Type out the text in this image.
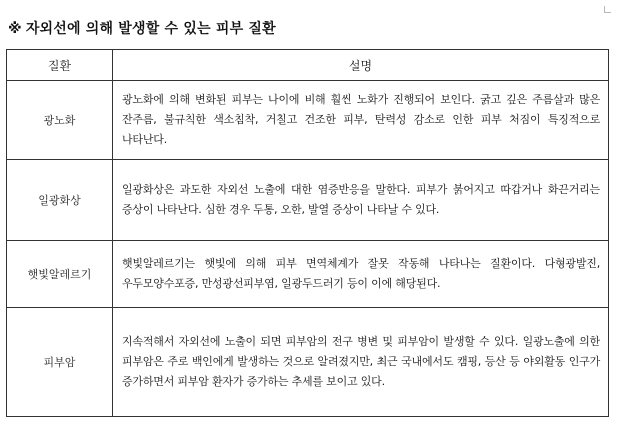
※ 자외선에 의해 발생할 수 있는 피부 질환
질환	설명
광노화	광노화에 의해 변화된 피부는 나이에 비해 훨씬 노화가 진행되어 보인다. 굵고 깊은 주름살과 많은 잔주름, 불규칙한 색소침착, 거칠고 건조한 피부, 탄력성 감소로 인한 피부 처짐이 특징적으로 나타난다.
일광화상	일광화상은 과도한 자외선 노출에 대한 염증반응을 말한다. 피부가 붉어지고 따갑거나 화끈거리는 증상이 나타난다. 심한 경우 두통, 오한, 발열 증상이 나타날 수 있다.
햇빛알레르기	햇빛알레르기는 햇빛에 의해 피부 면역체계가 잘못 작동해 나타나는 질환이다. 다형광발진, 우두모양수포증, 만성광선피부염, 일광두드러기 등이 이에 해당된다.
피부암	지속적해서 자외선에 노출이 되면 피부암의 전구 병변 및 피부암이 발생할 수 있다. 일광노출에 의한 피부암은 주로 백인에게 발생하는 것으로 알려졌지만, 최근 국내에서도 캠핑, 등산 등 야외활동 인구가 증가하면서 피부암 환자가 증가하는 추세를 보이고 있다.
